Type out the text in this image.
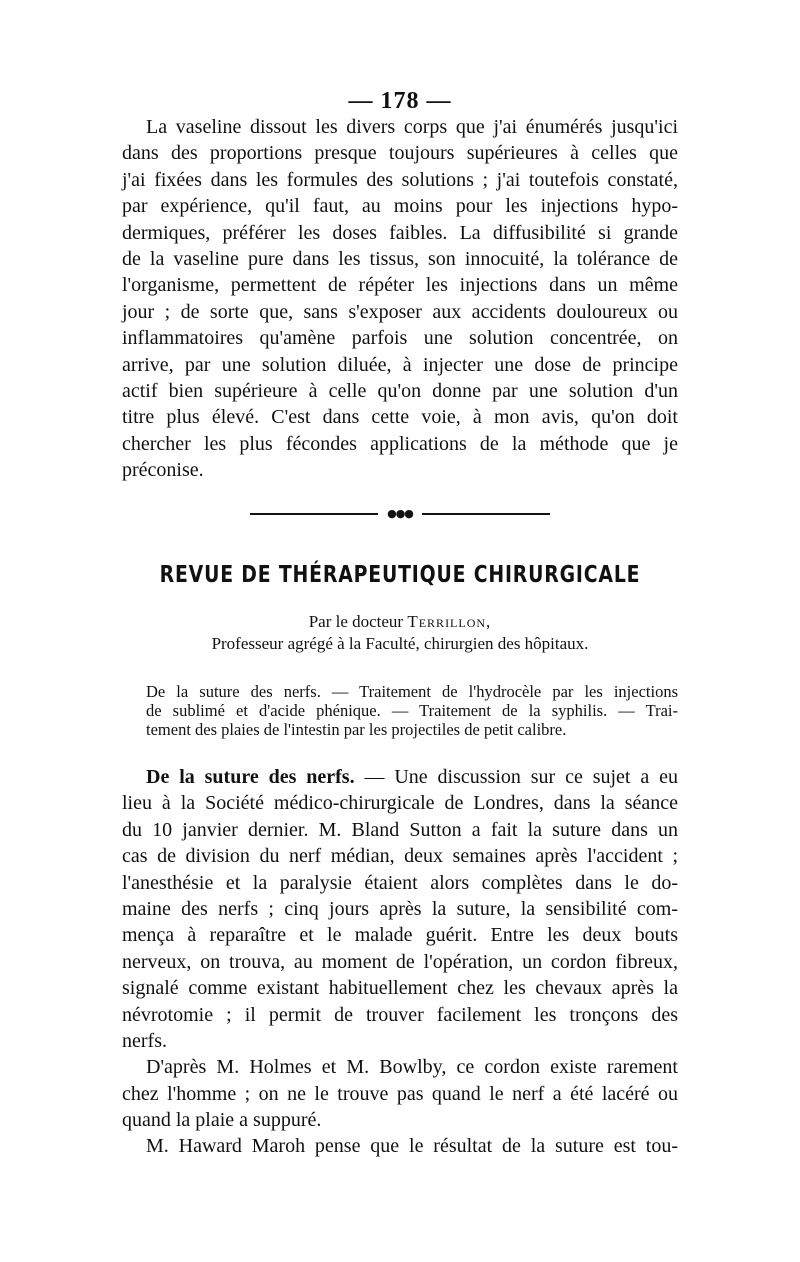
— 178 —
La vaseline dissout les divers corps que j'ai énumérés jusqu'ici
dans des proportions presque toujours supérieures à celles que
j'ai fixées dans les formules des solutions ; j'ai toutefois constaté,
par expérience, qu'il faut, au moins pour les injections hypo-
dermiques, préférer les doses faibles. La diffusibilité si grande
de la vaseline pure dans les tissus, son innocuité, la tolérance de
l'organisme, permettent de répéter les injections dans un même
jour ; de sorte que, sans s'exposer aux accidents douloureux ou
inflammatoires qu'amène parfois une solution concentrée, on
arrive, par une solution diluée, à injecter une dose de principe
actif bien supérieure à celle qu'on donne par une solution d'un
titre plus élevé. C'est dans cette voie, à mon avis, qu'on doit
chercher les plus fécondes applications de la méthode que je
préconise.
●●●
REVUE DE THÉRAPEUTIQUE CHIRURGICALE
Par le docteur Terrillon,
Professeur agrégé à la Faculté, chirurgien des hôpitaux.
De la suture des nerfs. — Traitement de l'hydrocèle par les injections
de sublimé et d'acide phénique. — Traitement de la syphilis. — Trai-
tement des plaies de l'intestin par les projectiles de petit calibre.
De la suture des nerfs. — Une discussion sur ce sujet a eu
lieu à la Société médico-chirurgicale de Londres, dans la séance
du 10 janvier dernier. M. Bland Sutton a fait la suture dans un
cas de division du nerf médian, deux semaines après l'accident ;
l'anesthésie et la paralysie étaient alors complètes dans le do-
maine des nerfs ; cinq jours après la suture, la sensibilité com-
mença à reparaître et le malade guérit. Entre les deux bouts
nerveux, on trouva, au moment de l'opération, un cordon fibreux,
signalé comme existant habituellement chez les chevaux après la
névrotomie ; il permit de trouver facilement les tronçons des
nerfs.
D'après M. Holmes et M. Bowlby, ce cordon existe rarement
chez l'homme ; on ne le trouve pas quand le nerf a été lacéré ou
quand la plaie a suppuré.
M. Haward Maroh pense que le résultat de la suture est tou-
